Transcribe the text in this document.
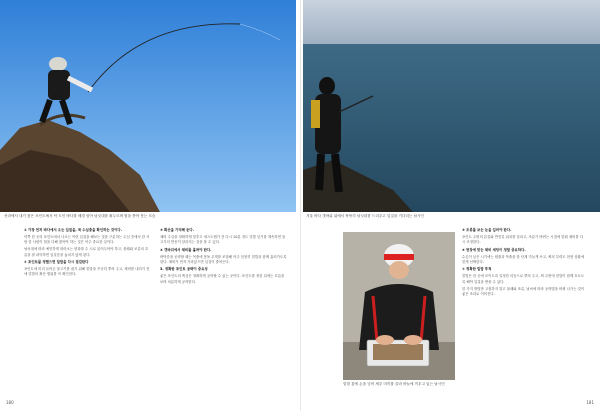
선라에서 내가 찾은 포인트에서 탁 트인 바다를 배경 삼아 낚싯대를 휘두르며 힘을 쏟아 붓는 모습	겨울 바다 갯바위 위에서 묵묵히 낚싯대를 드리우고 입질을 기다리는 낚시인

① 가장 먼저 바다에서 오는 입질을, 꼭 수심층을 확인하는 것이다.

이쪽 한 곳의 포인트에서 나오는 이런 입질을 해보는 것을 구분하는 수심 층에서 한 사람 한 사람이 힘을 다해 찾아야 하는 것은 아주 중요한 일이다.

낚싯대에 따라 예민하게 따라오는 변화를 수 시로 읽어두어야 하고, 물때와 조류의 흐름을 잘 파악하면 입질층을 놓치지 않게 된다.

② 포인트를 정했으면 밑밥을 다시 점검한다

포인트에 미리 들어온 물고기를 잡기 위해 밑밥을 꾸준히 뿌려 주고, 채비를 내리기 전에 밑밥의 확산 범위를 꼭 확인한다.

③ 확산을 기억해 둔다.

채비 수심을 정확하게 맞추고 애스트랩가 전 다시 10분 정도 밑밥 넣기를 계속하면 물고기의 반응이 달라지는 것을 볼 수 있다.

④ 갯바위에서 채비를 흘려야 한다.

바닥층을 공략할 때는 목줄에 봉돌 무게를 조절해 아주 천천히 밑밥과 함께 흘러가도록 한다. 채비가 먼저 가라앉으면 입질이 줄어든다.

3. 정확한 포인트 공략이 중요성

좋은 포인트의 핵심은 정확하게 공략할 수 있는 곳이다. 포인트를 정한 뒤에는 흐름을 보며 차분하게 공략한다.

밑밥 통에 손을 넣어 새우 미끼를 골라 바늘에 끼우고 있는 낚시인

⑤ 조류를 보는 눈을 길러야 한다.

포인트 주변의 본류와 반전류 위치를 살피고, 조류가 바뀌는 시점에 맞춰 채비를 다시 조정한다.

⑥ 현장에 맞는 채비 세팅이 정말 중요하다.

수온이 낮은 시기에는 원줄과 목줄을 한 단계 가늘게 쓰고, 찌의 부력도 현장 상황에 맞게 선택한다.

⑦ 정확한 밑밥 투척

밑밥은 한 곳에 모이도록 일정한 리듬으로 뿌려 주고, 찌 주변에 밑밥이 함께 흐르도록 해야 입질을 받을 수 있다.

한 가지 방법만 고집하지 말고 물때와 조류, 날씨에 따라 공략법을 바꿔 나가는 것이 좋은 조과로 이어진다.

180	181
